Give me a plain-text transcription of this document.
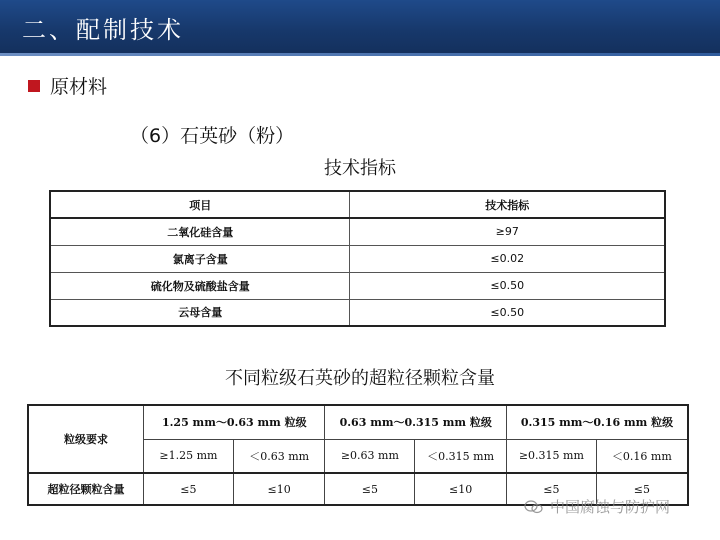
二、配制技术
原材料
（6）石英砂（粉）
技术指标
项目	技术指标
二氧化硅含量	≥97
氯离子含量	≤0.02
硫化物及硫酸盐含量	≤0.50
云母含量	≤0.50
不同粒级石英砂的超粒径颗粒含量
粒级要求	1.25 mm～0.63 mm 粒级		0.63 mm～0.315 mm 粒级		0.315 mm～0.16 mm 粒级	
	≥1.25 mm	＜0.63 mm	≥0.63 mm	＜0.315 mm	≥0.315 mm	＜0.16 mm
超粒径颗粒含量	≤5	≤10	≤5	≤10	≤5	≤5
中国腐蚀与防护网
